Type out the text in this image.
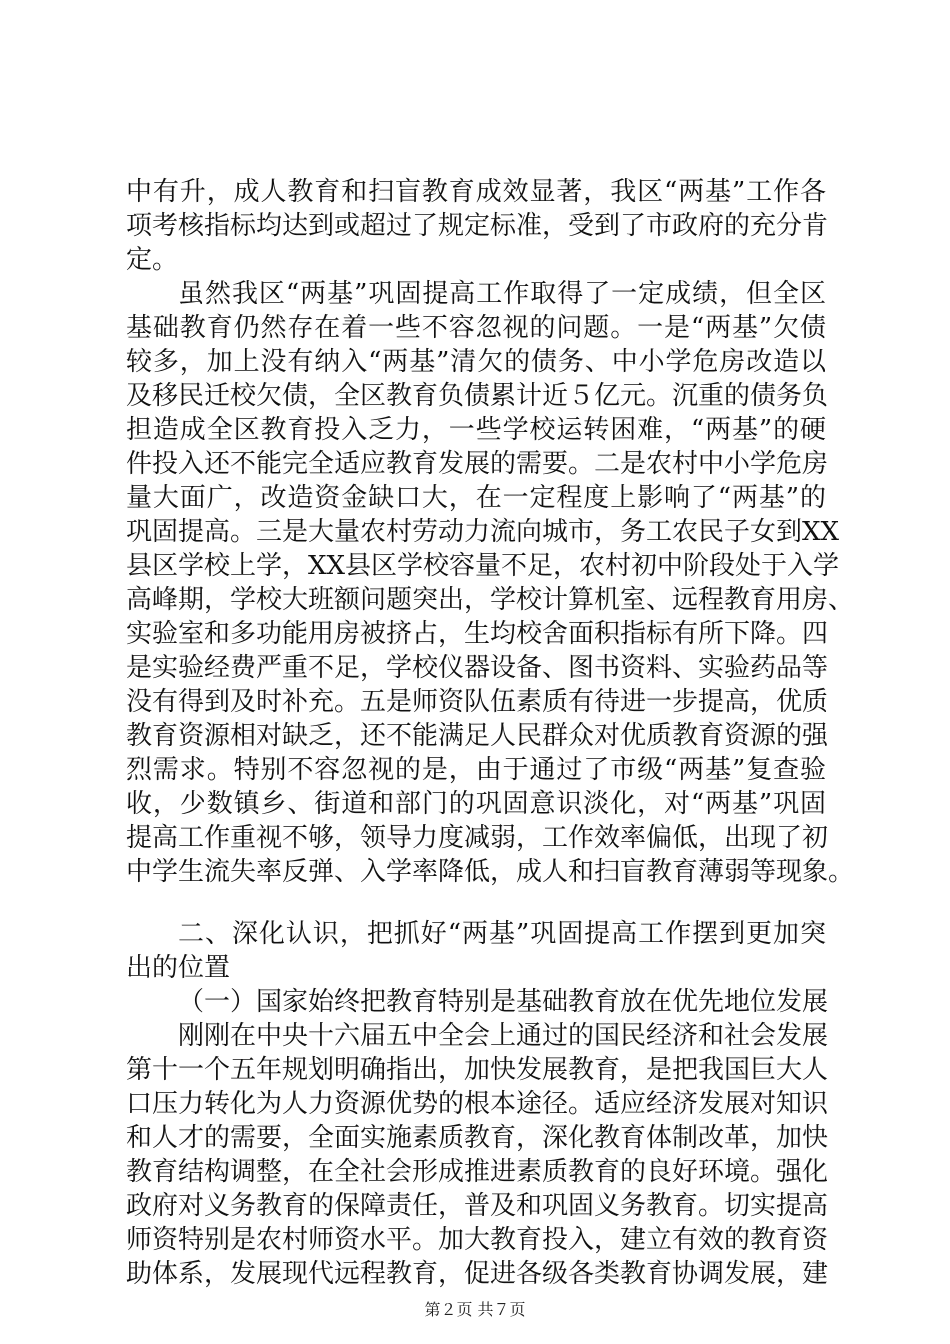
中有升，成人教育和扫盲教育成效显著，我区“两基”工作各
项考核指标均达到或超过了规定标准，受到了市政府的充分肯
定。
虽然我区“两基”巩固提高工作取得了一定成绩，但全区
基础教育仍然存在着一些不容忽视的问题。一是“两基”欠债
较多，加上没有纳入“两基”清欠的债务、中小学危房改造以
及移民迁校欠债，全区教育负债累计近５亿元。沉重的债务负
担造成全区教育投入乏力，一些学校运转困难，“两基”的硬
件投入还不能完全适应教育发展的需要。二是农村中小学危房
量大面广，改造资金缺口大，在一定程度上影响了“两基”的
巩固提高。三是大量农村劳动力流向城市，务工农民子女到XX
县区学校上学，XX县区学校容量不足，农村初中阶段处于入学
高峰期，学校大班额问题突出，学校计算机室、远程教育用房、
实验室和多功能用房被挤占，生均校舍面积指标有所下降。四
是实验经费严重不足，学校仪器设备、图书资料、实验药品等
没有得到及时补充。五是师资队伍素质有待进一步提高，优质
教育资源相对缺乏，还不能满足人民群众对优质教育资源的强
烈需求。特别不容忽视的是，由于通过了市级“两基”复查验
收，少数镇乡、街道和部门的巩固意识淡化，对“两基”巩固
提高工作重视不够，领导力度减弱，工作效率偏低，出现了初
中学生流失率反弹、入学率降低，成人和扫盲教育薄弱等现象。
二、深化认识，把抓好“两基”巩固提高工作摆到更加突
出的位置
（一）国家始终把教育特别是基础教育放在优先地位发展
刚刚在中央十六届五中全会上通过的国民经济和社会发展
第十一个五年规划明确指出，加快发展教育，是把我国巨大人
口压力转化为人力资源优势的根本途径。适应经济发展对知识
和人才的需要，全面实施素质教育，深化教育体制改革，加快
教育结构调整，在全社会形成推进素质教育的良好环境。强化
政府对义务教育的保障责任，普及和巩固义务教育。切实提高
师资特别是农村师资水平。加大教育投入，建立有效的教育资
助体系，发展现代远程教育，促进各级各类教育协调发展，建
第２页 共７页
